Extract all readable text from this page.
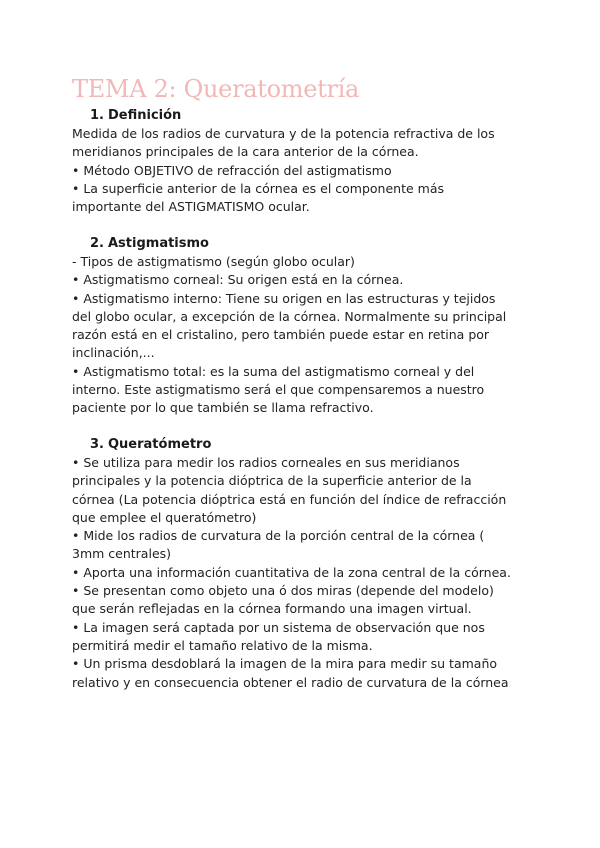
TEMA 2: Queratometría
1. Definición
Medida de los radios de curvatura y de la potencia refractiva de los
meridianos principales de la cara anterior de la córnea.
• Método OBJETIVO de refracción del astigmatismo
• La superficie anterior de la córnea es el componente más
importante del ASTIGMATISMO ocular.
2. Astigmatismo
- Tipos de astigmatismo (según globo ocular)
• Astigmatismo corneal: Su origen está en la córnea.
• Astigmatismo interno: Tiene su origen en las estructuras y tejidos
del globo ocular, a excepción de la córnea. Normalmente su principal
razón está en el cristalino, pero también puede estar en retina por
inclinación,...
• Astigmatismo total: es la suma del astigmatismo corneal y del
interno. Este astigmatismo será el que compensaremos a nuestro
paciente por lo que también se llama refractivo.
3. Queratómetro
• Se utiliza para medir los radios corneales en sus meridianos
principales y la potencia dióptrica de la superficie anterior de la
córnea (La potencia dióptrica está en función del índice de refracción
que emplee el queratómetro)
• Mide los radios de curvatura de la porción central de la córnea (
3mm centrales)
• Aporta una información cuantitativa de la zona central de la córnea.
• Se presentan como objeto una ó dos miras (depende del modelo)
que serán reflejadas en la córnea formando una imagen virtual.
• La imagen será captada por un sistema de observación que nos
permitirá medir el tamaño relativo de la misma.
• Un prisma desdoblará la imagen de la mira para medir su tamaño
relativo y en consecuencia obtener el radio de curvatura de la córnea
